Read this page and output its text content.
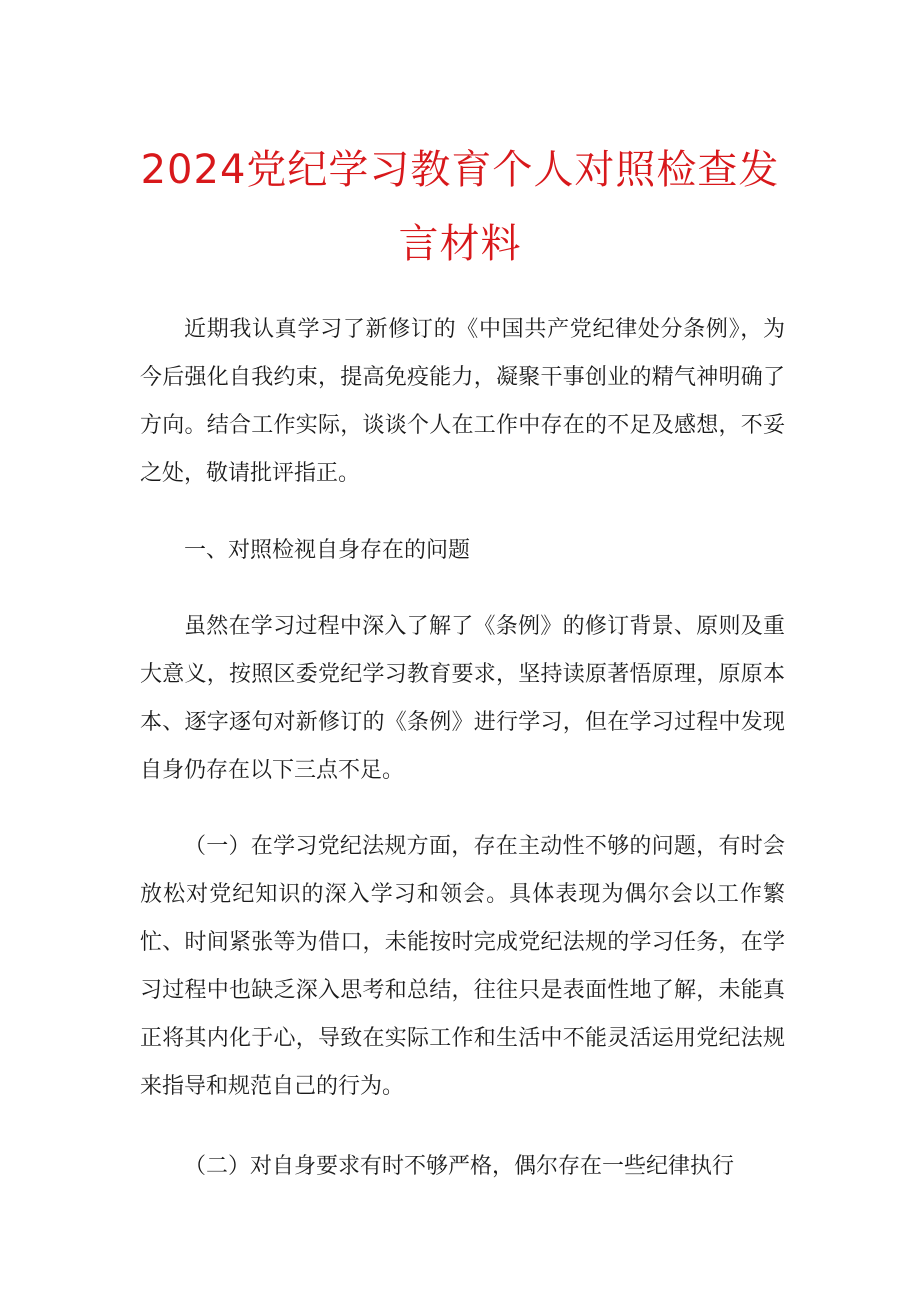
2024党纪学习教育个人对照检查发
言材料

近期我认真学习了新修订的《中国共产党纪律处分条例》，为今后强化自我约束，提高免疫能力，凝聚干事创业的精气神明确了方向。结合工作实际，谈谈个人在工作中存在的不足及感想，不妥之处，敬请批评指正。

一、对照检视自身存在的问题

虽然在学习过程中深入了解了《条例》的修订背景、原则及重大意义，按照区委党纪学习教育要求，坚持读原著悟原理，原原本本、逐字逐句对新修订的《条例》进行学习，但在学习过程中发现自身仍存在以下三点不足。

（一）在学习党纪法规方面，存在主动性不够的问题，有时会放松对党纪知识的深入学习和领会。具体表现为偶尔会以工作繁忙、时间紧张等为借口，未能按时完成党纪法规的学习任务，在学习过程中也缺乏深入思考和总结，往往只是表面性地了解，未能真正将其内化于心，导致在实际工作和生活中不能灵活运用党纪法规来指导和规范自己的行为。

（二）对自身要求有时不够严格，偶尔存在一些纪律执行
